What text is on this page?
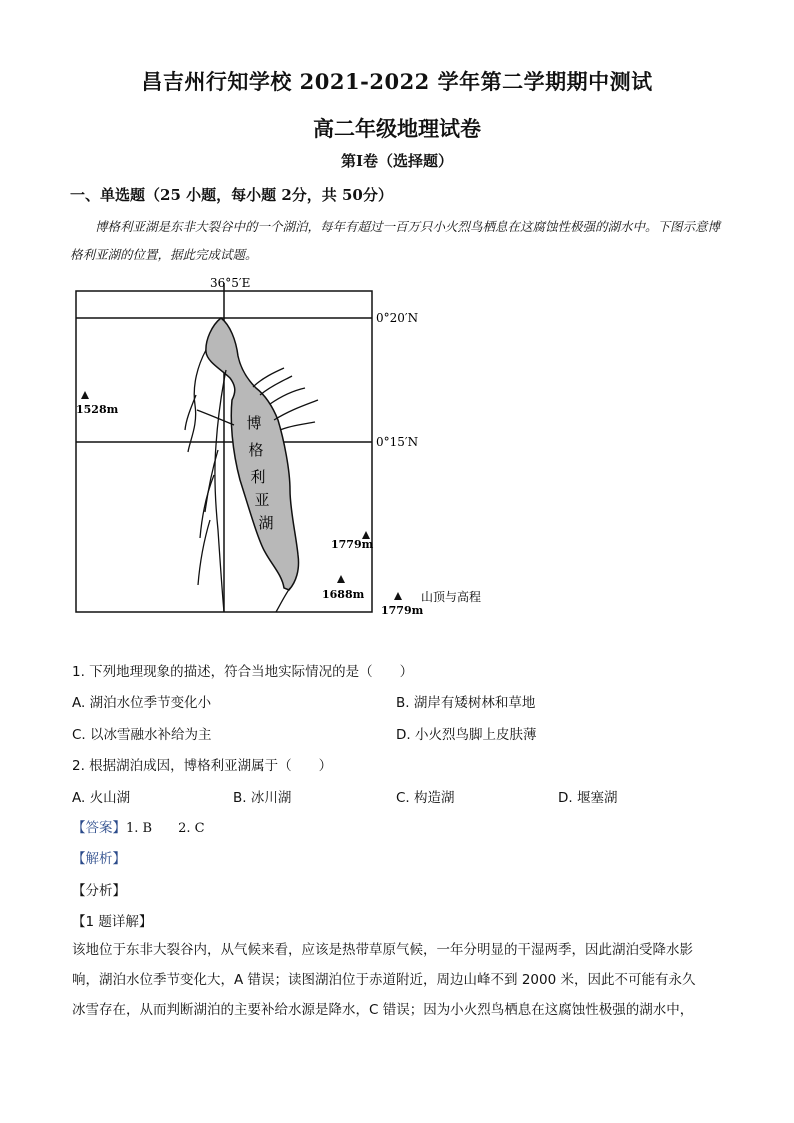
昌吉州行知学校 2021-2022 学年第二学期期中测试
高二年级地理试卷
第Ⅰ卷（选择题）
一、单选题（25 小题，每小题 2分，共 50分）
博格利亚湖是东非大裂谷中的一个湖泊，每年有超过一百万只小火烈鸟栖息在这腐蚀性极强的湖水中。下图示意博格利亚湖的位置，据此完成试题。
36°5′E
0°20′N
0°15′N
博
格
利
亚
湖
1528m
1779m
1688m	山顶与高程
1779m
1. 下列地理现象的描述，符合当地实际情况的是（　　）
A. 湖泊水位季节变化小	B. 湖岸有矮树林和草地
C. 以冰雪融水补给为主	D. 小火烈鸟脚上皮肤薄
2. 根据湖泊成因，博格利亚湖属于（　　）
A. 火山湖	B. 冰川湖	C. 构造湖	D. 堰塞湖
【答案】1. B　　2. C
【解析】
【分析】
【1 题详解】
该地位于东非大裂谷内，从气候来看，应该是热带草原气候，一年分明显的干湿两季，因此湖泊受降水影
响，湖泊水位季节变化大，A 错误；读图湖泊位于赤道附近，周边山峰不到 2000 米，因此不可能有永久
冰雪存在，从而判断湖泊的主要补给水源是降水，C 错误；因为小火烈鸟栖息在这腐蚀性极强的湖水中，
